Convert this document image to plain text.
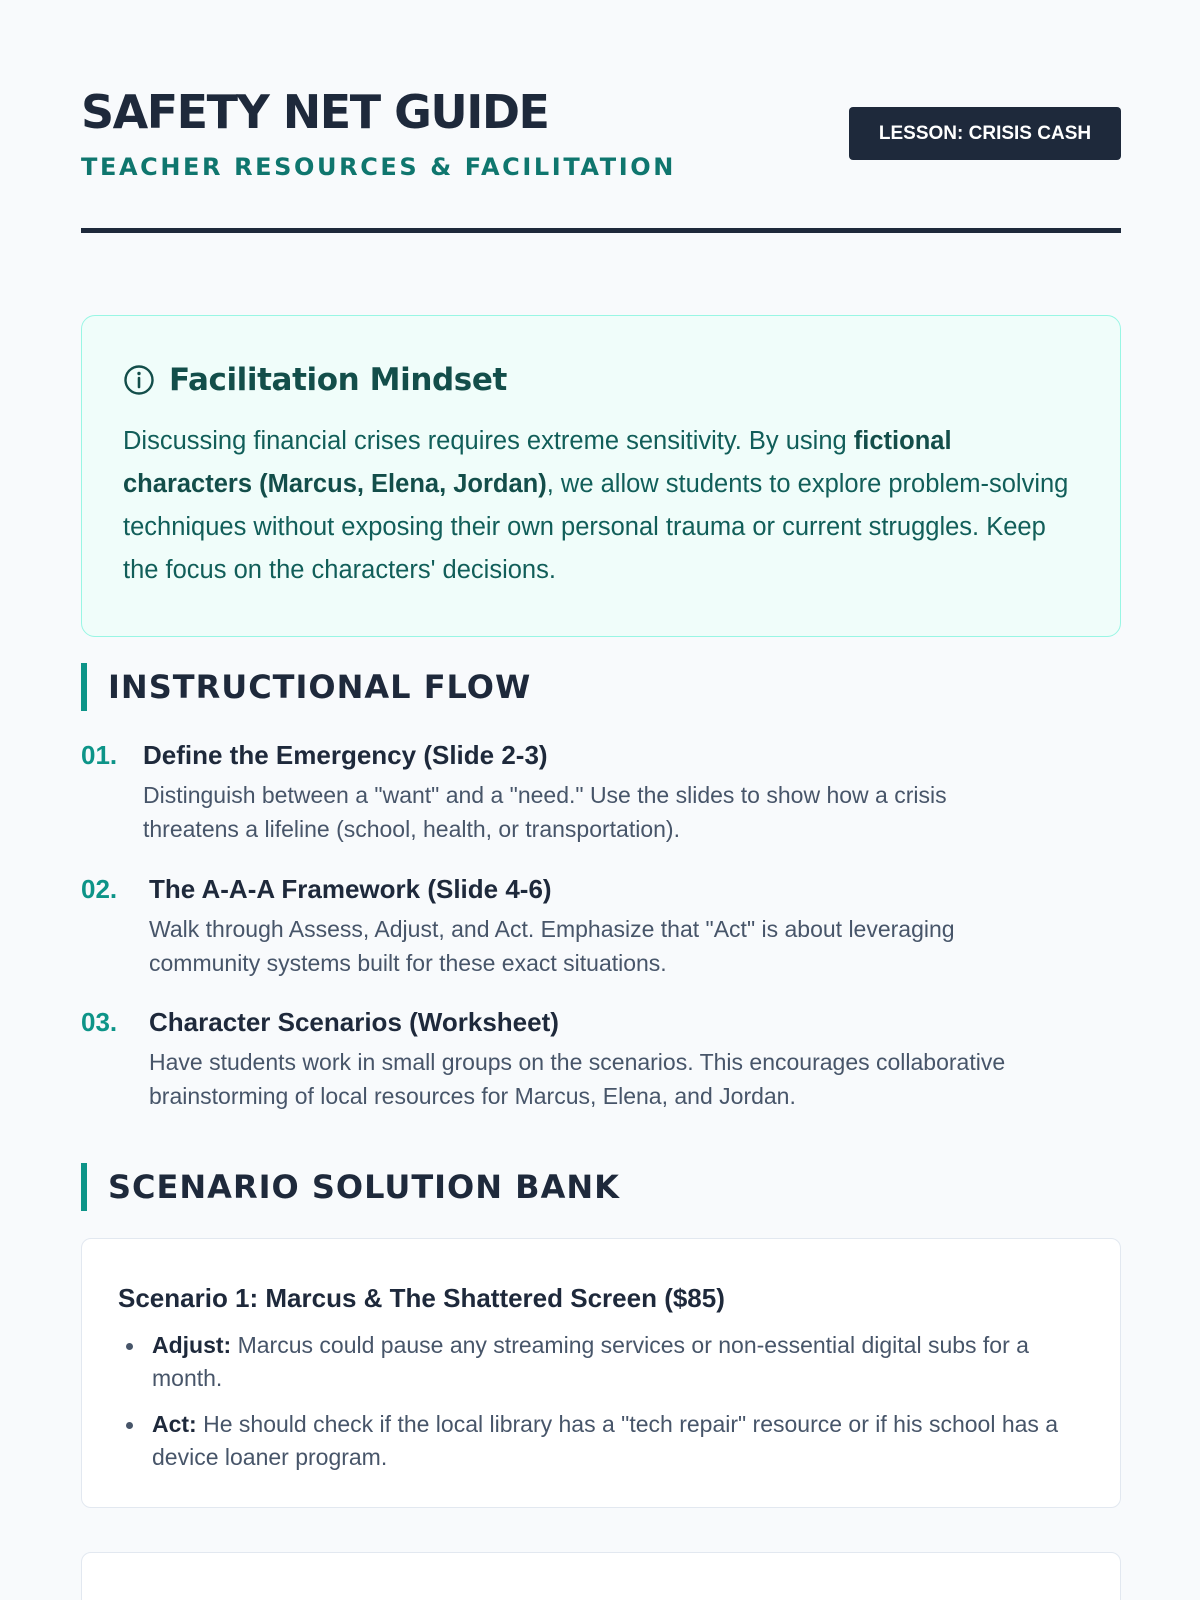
SAFETY NET GUIDE
TEACHER RESOURCES & FACILITATION
LESSON: CRISIS CASH
Facilitation Mindset

Discussing financial crises requires extreme sensitivity. By using fictional characters (Marcus, Elena, Jordan), we allow students to explore problem-solving techniques without exposing their own personal trauma or current struggles. Keep the focus on the characters' decisions.

INSTRUCTIONAL FLOW
01. Define the Emergency (Slide 2-3)

Distinguish between a "want" and a "need." Use the slides to show how a crisis threatens a lifeline (school, health, or transportation).

02. The A-A-A Framework (Slide 4-6)

Walk through Assess, Adjust, and Act. Emphasize that "Act" is about leveraging community systems built for these exact situations.

03. Character Scenarios (Worksheet)

Have students work in small groups on the scenarios. This encourages collaborative brainstorming of local resources for Marcus, Elena, and Jordan.

SCENARIO SOLUTION BANK
Scenario 1: Marcus & The Shattered Screen ($85)
Adjust: Marcus could pause any streaming services or non-essential digital subs for a month.
Act: He should check if the local library has a "tech repair" resource or if his school has a device loaner program.
